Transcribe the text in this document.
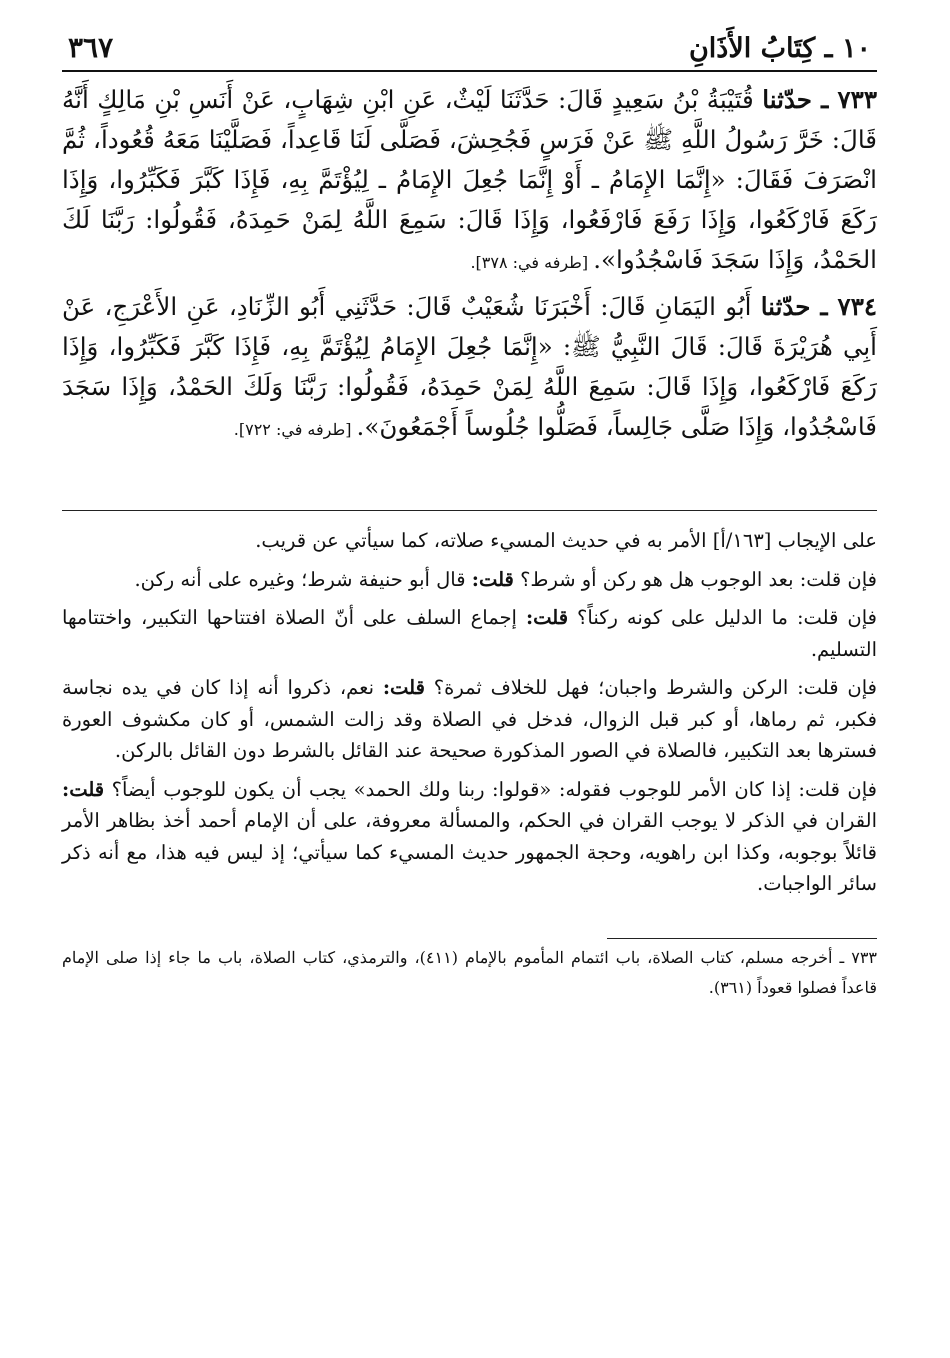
١٠ ـ كِتَابُ الأَذَانِ
٣٦٧

٧٣٣ ـ حدّثنا قُتَيْبَةُ بْنُ سَعِيدٍ قَالَ: حَدَّثَنَا لَيْثٌ، عَنِ ابْنِ شِهَابٍ، عَنْ أَنَسِ بْنِ مَالِكٍ أَنَّهُ قَالَ: خَرَّ رَسُولُ اللَّهِ ﷺ عَنْ فَرَسٍ فَجُحِشَ، فَصَلَّى لَنَا قَاعِداً، فَصَلَّيْنَا مَعَهُ قُعُوداً، ثُمَّ انْصَرَفَ فَقَالَ: «إِنَّمَا الإِمَامُ ـ أَوْ إِنَّمَا جُعِلَ الإِمَامُ ـ لِيُؤْتَمَّ بِهِ، فَإِذَا كَبَّرَ فَكَبِّرُوا، وَإِذَا رَكَعَ فَارْكَعُوا، وَإِذَا رَفَعَ فَارْفَعُوا، وَإِذَا قَالَ: سَمِعَ اللَّهُ لِمَنْ حَمِدَهُ، فَقُولُوا: رَبَّنَا لَكَ الحَمْدُ، وَإِذَا سَجَدَ فَاسْجُدُوا». [طرفه في: ٣٧٨].

٧٣٤ ـ حدّثنا أَبُو اليَمَانِ قَالَ: أَخْبَرَنَا شُعَيْبٌ قَالَ: حَدَّثَنِي أَبُو الزِّنَادِ، عَنِ الأَعْرَجِ، عَنْ أَبِي هُرَيْرَةَ قَالَ: قَالَ النَّبِيُّ ﷺ: «إِنَّمَا جُعِلَ الإِمَامُ لِيُؤْتَمَّ بِهِ، فَإِذَا كَبَّرَ فَكَبِّرُوا، وَإِذَا رَكَعَ فَارْكَعُوا، وَإِذَا قَالَ: سَمِعَ اللَّهُ لِمَنْ حَمِدَهُ، فَقُولُوا: رَبَّنَا وَلَكَ الحَمْدُ، وَإِذَا سَجَدَ فَاسْجُدُوا، وَإِذَا صَلَّى جَالِساً، فَصَلُّوا جُلُوساً أَجْمَعُونَ». [طرفه في: ٧٢٢].

على الإيجاب [١٦٣/أ] الأمر به في حديث المسيء صلاته، كما سيأتي عن قريب.

فإن قلت: بعد الوجوب هل هو ركن أو شرط؟ قلت: قال أبو حنيفة شرط؛ وغيره على أنه ركن.

فإن قلت: ما الدليل على كونه ركناً؟ قلت: إجماع السلف على أنّ الصلاة افتتاحها التكبير، واختتامها التسليم.

فإن قلت: الركن والشرط واجبان؛ فهل للخلاف ثمرة؟ قلت: نعم، ذكروا أنه إذا كان في يده نجاسة فكبر، ثم رماها، أو كبر قبل الزوال، فدخل في الصلاة وقد زالت الشمس، أو كان مكشوف العورة فسترها بعد التكبير، فالصلاة في الصور المذكورة صحيحة عند القائل بالشرط دون القائل بالركن.

فإن قلت: إذا كان الأمر للوجوب فقوله: «قولوا: ربنا ولك الحمد» يجب أن يكون للوجوب أيضاً؟ قلت: القران في الذكر لا يوجب القران في الحكم، والمسألة معروفة، على أن الإمام أحمد أخذ بظاهر الأمر قائلاً بوجوبه، وكذا ابن راهويه، وحجة الجمهور حديث المسيء كما سيأتي؛ إذ ليس فيه هذا، مع أنه ذكر سائر الواجبات.

٧٣٣ ـ أخرجه مسلم، كتاب الصلاة، باب ائتمام المأموم بالإمام (٤١١)، والترمذي، كتاب الصلاة، باب ما جاء إذا صلى الإمام قاعداً فصلوا قعوداً (٣٦١).
